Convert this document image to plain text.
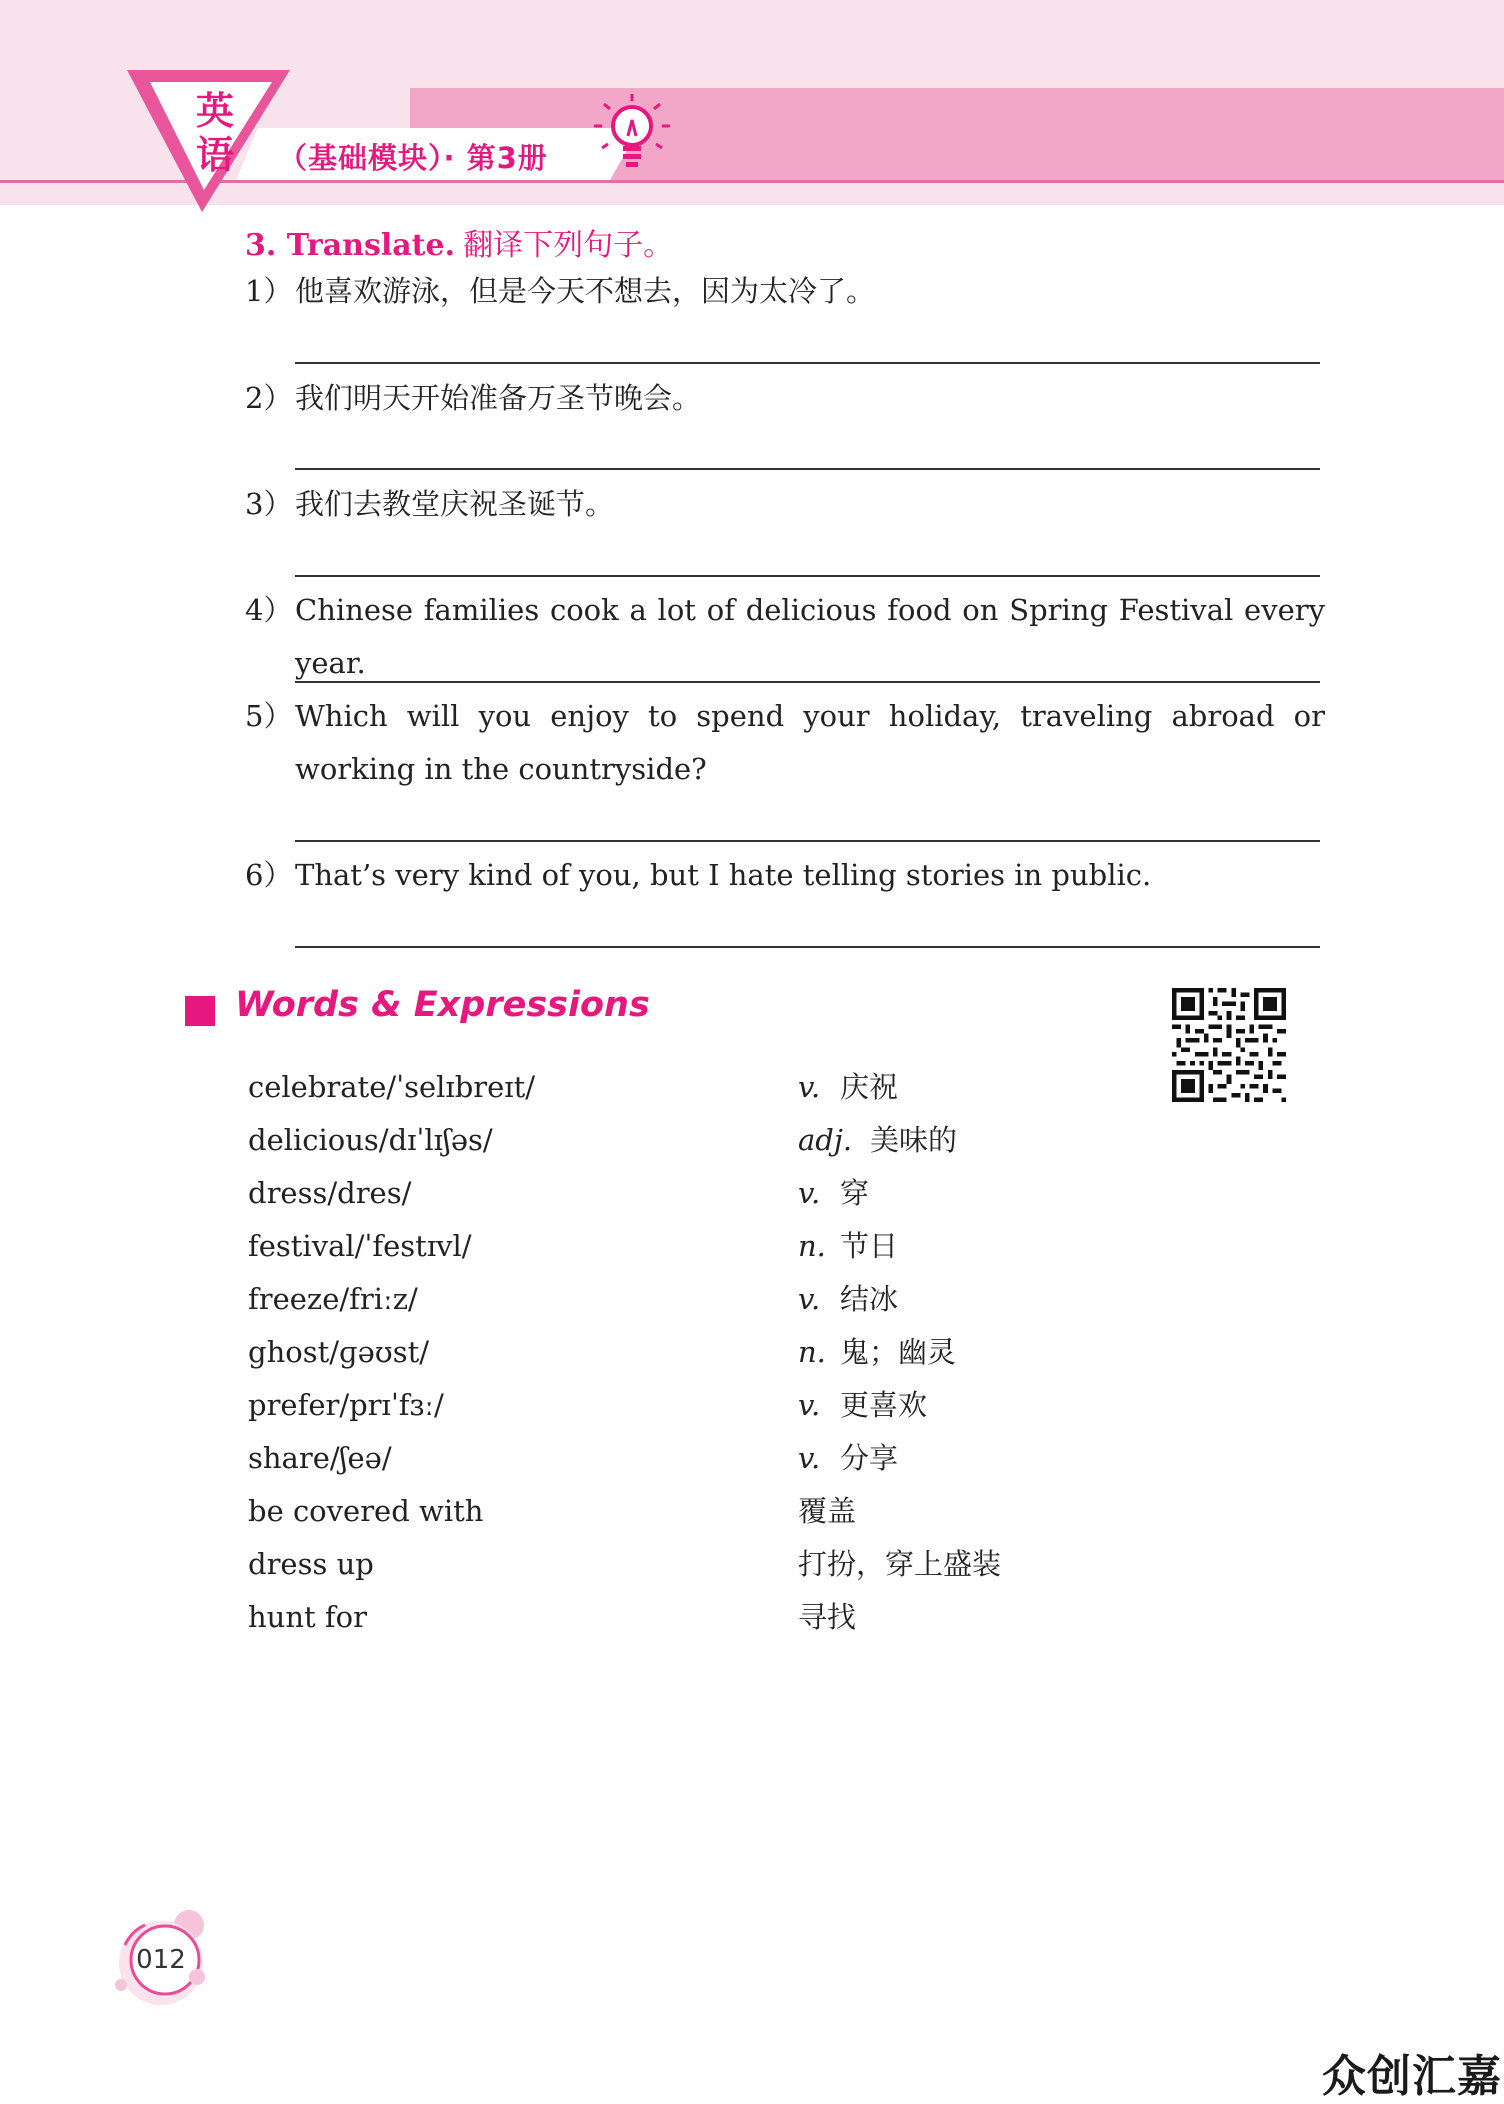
英
语 （基础模块）· 第3册
3. Translate. 翻译下列句子。
1） 他喜欢游泳，但是今天不想去，因为太冷了。
2） 我们明天开始准备万圣节晚会。
3） 我们去教堂庆祝圣诞节。
4） Chinese families cook a lot of delicious food on Spring Festival every year.
5） Which will you enjoy to spend your holiday, traveling abroad or working in the countryside?
6） That’s very kind of you, but I hate telling stories in public.
Words & Expressions
celebrate/ˈselɪbreɪt/	v. 庆祝
delicious/dɪˈlɪʃəs/	adj. 美味的
dress/dres/	v. 穿
festival/ˈfestɪvl/	n. 节日
freeze/friːz/	v. 结冰
ghost/ɡəʊst/	n. 鬼；幽灵
prefer/prɪˈfɜː/	v. 更喜欢
share/ʃeə/	v. 分享
be covered with	覆盖
dress up	打扮，穿上盛装
hunt for	寻找
012
众创汇嘉
